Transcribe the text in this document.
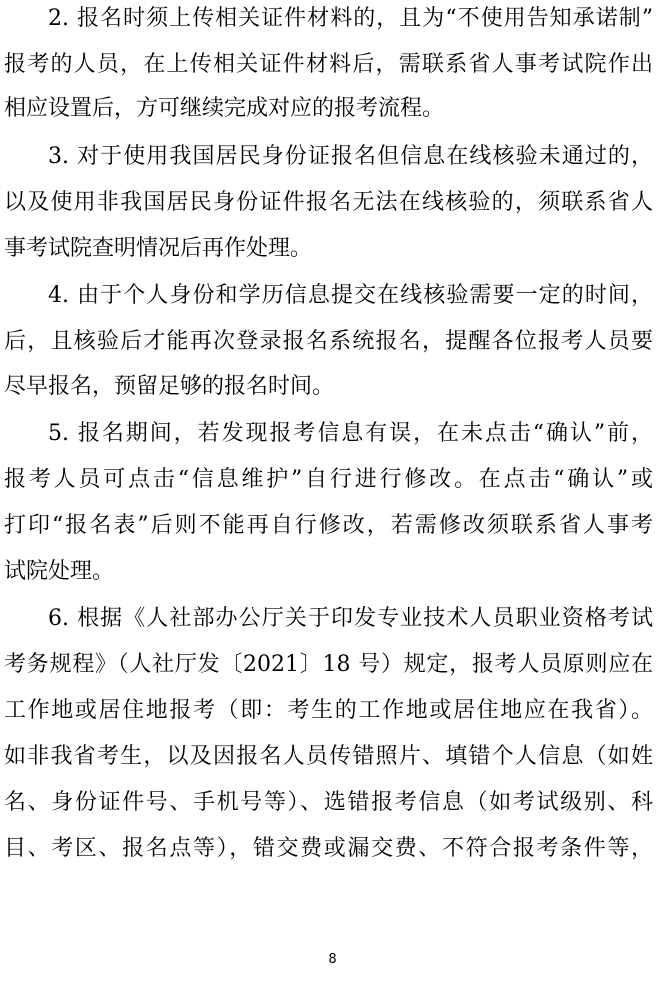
2. 报名时须上传相关证件材料的，且为“不使用告知承诺制”
报考的人员，在上传相关证件材料后，需联系省人事考试院作出
相应设置后，方可继续完成对应的报考流程。
3. 对于使用我国居民身份证报名但信息在线核验未通过的，
以及使用非我国居民身份证件报名无法在线核验的，须联系省人
事考试院查明情况后再作处理。
4. 由于个人身份和学历信息提交在线核验需要一定的时间，
后，且核验后才能再次登录报名系统报名，提醒各位报考人员要
尽早报名，预留足够的报名时间。
5. 报名期间，若发现报考信息有误，在未点击“确认”前，
报考人员可点击“信息维护”自行进行修改。在点击“确认”或
打印“报名表”后则不能再自行修改，若需修改须联系省人事考
试院处理。
6. 根据《人社部办公厅关于印发专业技术人员职业资格考试
考务规程》（人社厅发〔2021〕18 号）规定，报考人员原则应在
工作地或居住地报考（即：考生的工作地或居住地应在我省）。
如非我省考生，以及因报名人员传错照片、填错个人信息（如姓
名、身份证件号、手机号等）、选错报考信息（如考试级别、科
目、考区、报名点等），错交费或漏交费、不符合报考条件等，
8
